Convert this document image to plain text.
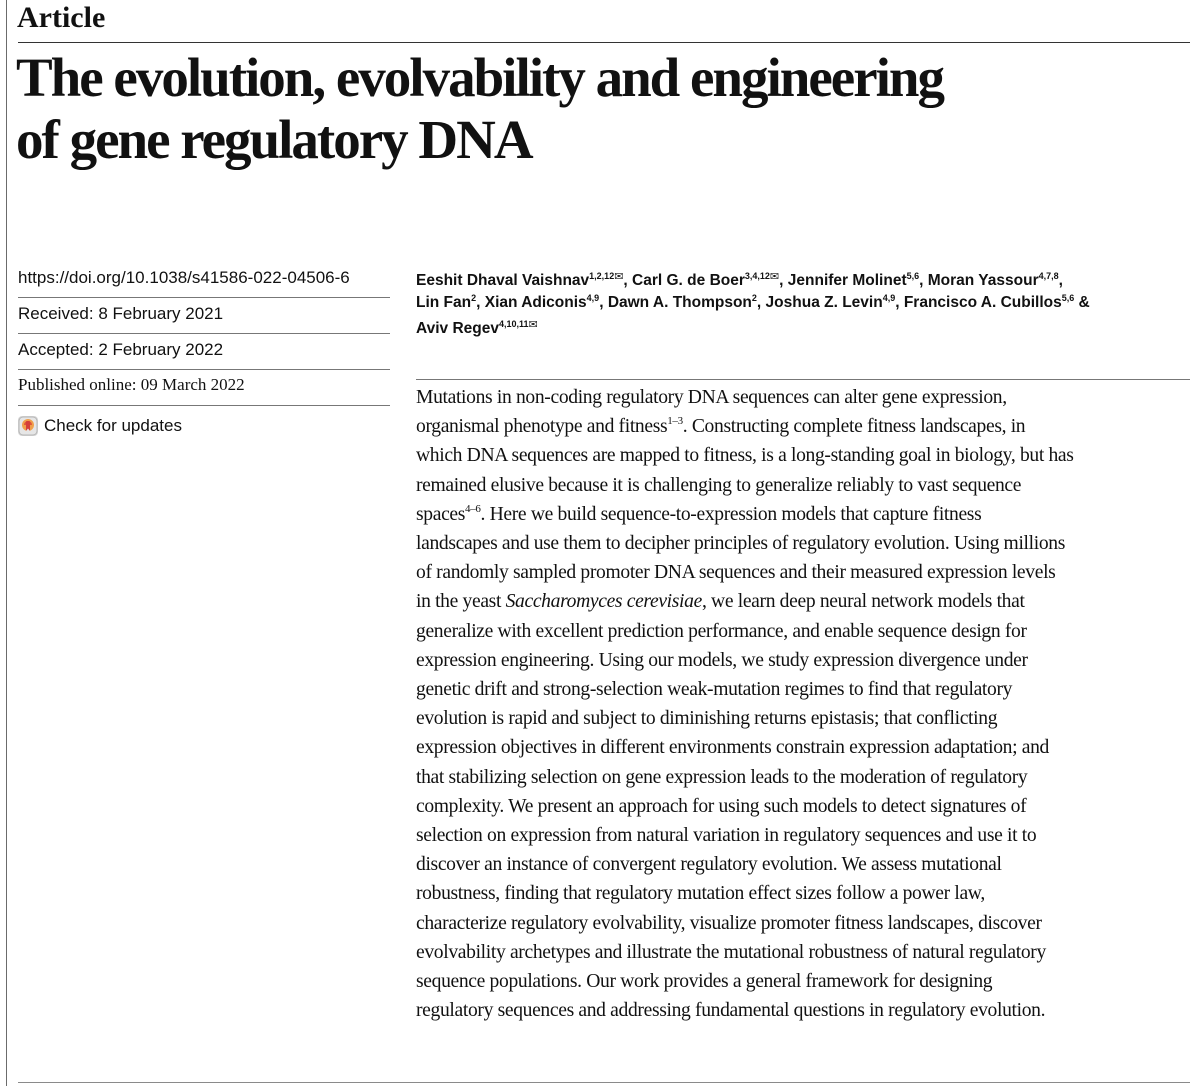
Article
The evolution, evolvability and engineering
of gene regulatory DNA
https://doi.org/10.1038/s41586-022-04506-6
Received: 8 February 2021
Accepted: 2 February 2022
Published online: 09 March 2022
Check for updates

Eeshit Dhaval Vaishnav$^{1,2,12✉}$, Carl G. de Boer$^{3,4,12✉}$, Jennifer Molinet$^{5,6}$, Moran Yassour$^{4,7,8}$,
Lin Fan$^2$, Xian Adiconis$^{4,9}$, Dawn A. Thompson$^2$, Joshua Z. Levin$^{4,9}$, Francisco A. Cubillos$^{5,6}$ &
Aviv Regev$^{4,10,11✉}$

Mutations in non-coding regulatory DNA sequences can alter gene expression,
organismal phenotype and fitness$^{1-3}$. Constructing complete fitness landscapes, in
which DNA sequences are mapped to fitness, is a long-standing goal in biology, but has
remained elusive because it is challenging to generalize reliably to vast sequence
spaces$^{4-6}$. Here we build sequence-to-expression models that capture fitness
landscapes and use them to decipher principles of regulatory evolution. Using millions
of randomly sampled promoter DNA sequences and their measured expression levels
in the yeast Saccharomyces cerevisiae, we learn deep neural network models that
generalize with excellent prediction performance, and enable sequence design for
expression engineering. Using our models, we study expression divergence under
genetic drift and strong-selection weak-mutation regimes to find that regulatory
evolution is rapid and subject to diminishing returns epistasis; that conflicting
expression objectives in different environments constrain expression adaptation; and
that stabilizing selection on gene expression leads to the moderation of regulatory
complexity. We present an approach for using such models to detect signatures of
selection on expression from natural variation in regulatory sequences and use it to
discover an instance of convergent regulatory evolution. We assess mutational
robustness, finding that regulatory mutation effect sizes follow a power law,
characterize regulatory evolvability, visualize promoter fitness landscapes, discover
evolvability archetypes and illustrate the mutational robustness of natural regulatory
sequence populations. Our work provides a general framework for designing
regulatory sequences and addressing fundamental questions in regulatory evolution.
